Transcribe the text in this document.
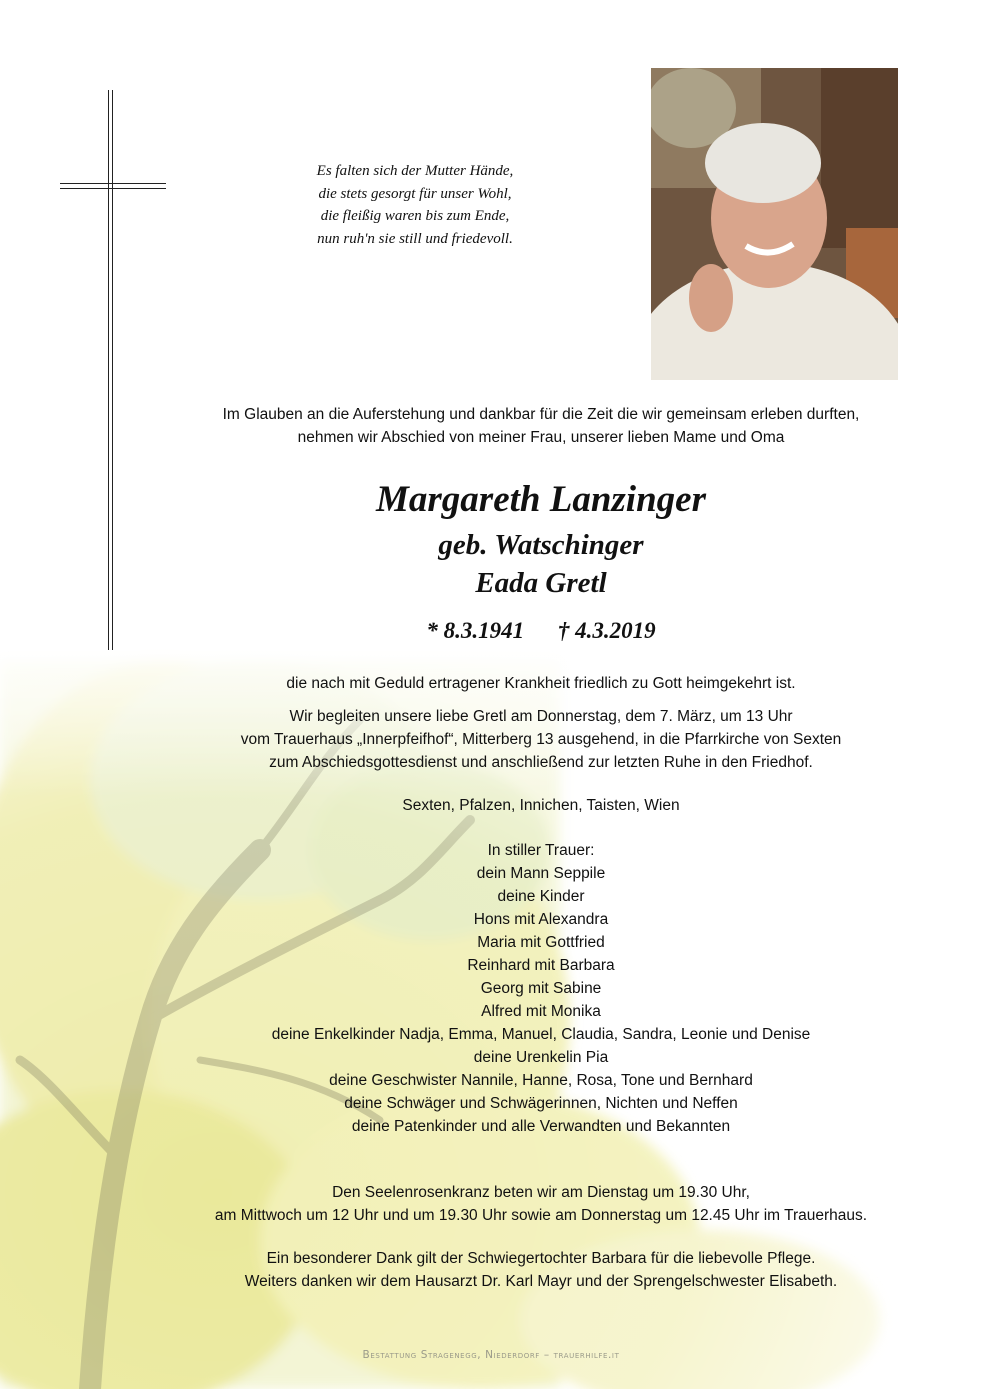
Es falten sich der Mutter Hände,
die stets gesorgt für unser Wohl,
die fleißig waren bis zum Ende,
nun ruh'n sie still und friedevoll.
Im Glauben an die Auferstehung und dankbar für die Zeit die wir gemeinsam erleben durften,
nehmen wir Abschied von meiner Frau, unserer lieben Mame und Oma
Margareth Lanzinger
geb. Watschinger
Eada Gretl
* 8.3.1941 † 4.3.2019
die nach mit Geduld ertragener Krankheit friedlich zu Gott heimgekehrt ist.
Wir begleiten unsere liebe Gretl am Donnerstag, dem 7. März, um 13 Uhr
vom Trauerhaus „Innerpfeifhof“, Mitterberg 13 ausgehend, in die Pfarrkirche von Sexten
zum Abschiedsgottesdienst und anschließend zur letzten Ruhe in den Friedhof.
Sexten, Pfalzen, Innichen, Taisten, Wien
In stiller Trauer:
dein Mann Seppile
deine Kinder
Hons mit Alexandra
Maria mit Gottfried
Reinhard mit Barbara
Georg mit Sabine
Alfred mit Monika
deine Enkelkinder Nadja, Emma, Manuel, Claudia, Sandra, Leonie und Denise
deine Urenkelin Pia
deine Geschwister Nannile, Hanne, Rosa, Tone und Bernhard
deine Schwäger und Schwägerinnen, Nichten und Neffen
deine Patenkinder und alle Verwandten und Bekannten
Den Seelenrosenkranz beten wir am Dienstag um 19.30 Uhr,
am Mittwoch um 12 Uhr und um 19.30 Uhr sowie am Donnerstag um 12.45 Uhr im Trauerhaus.
Ein besonderer Dank gilt der Schwiegertochter Barbara für die liebevolle Pflege.
Weiters danken wir dem Hausarzt Dr. Karl Mayr und der Sprengelschwester Elisabeth.
Bestattung Stragenegg, Niederdorf – trauerhilfe.it
